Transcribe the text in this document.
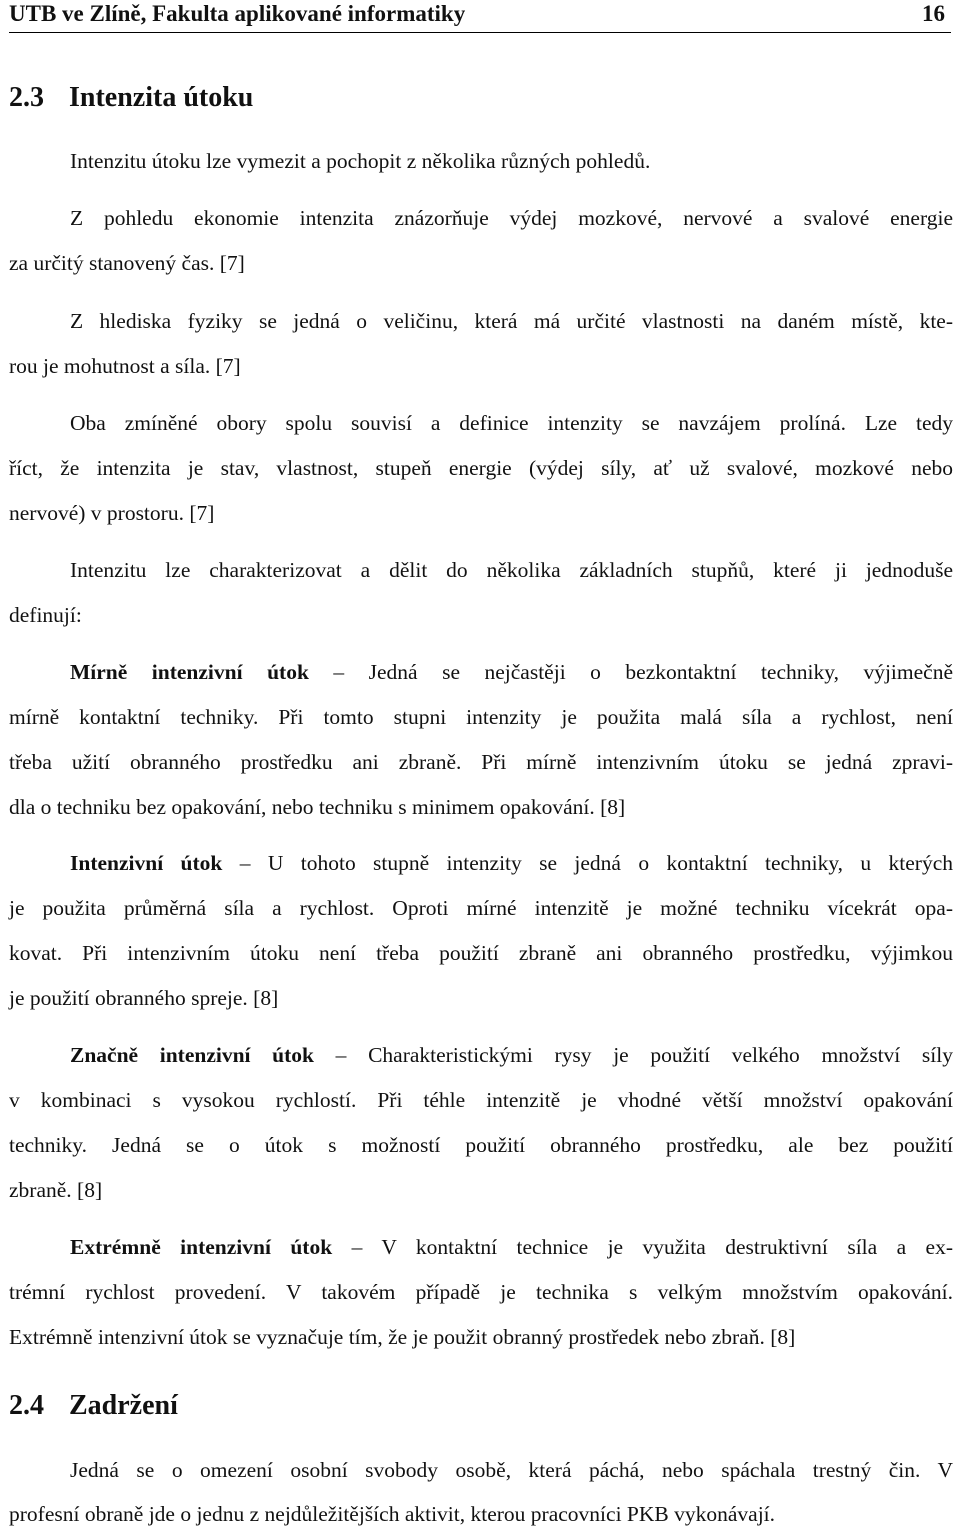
UTB ve Zlíně, Fakulta aplikované informatiky	16
2.3 Intenzita útoku
Intenzitu útoku lze vymezit a pochopit z několika různých pohledů.
Z pohledu ekonomie intenzita znázorňuje výdej mozkové, nervové a svalové energie
za určitý stanovený čas. [7]
Z hlediska fyziky se jedná o veličinu, která má určité vlastnosti na daném místě, kte-
rou je mohutnost a síla. [7]
Oba zmíněné obory spolu souvisí a definice intenzity se navzájem prolíná. Lze tedy
říct, že intenzita je stav, vlastnost, stupeň energie (výdej síly, ať už svalové, mozkové nebo
nervové) v prostoru. [7]
Intenzitu lze charakterizovat a dělit do několika základních stupňů, které ji jednoduše
definují:
Mírně intenzivní útok – Jedná se nejčastěji o bezkontaktní techniky, výjimečně
mírně kontaktní techniky. Při tomto stupni intenzity je použita malá síla a rychlost, není
třeba užití obranného prostředku ani zbraně. Při mírně intenzivním útoku se jedná zpravi-
dla o techniku bez opakování, nebo techniku s minimem opakování. [8]
Intenzivní útok – U tohoto stupně intenzity se jedná o kontaktní techniky, u kterých
je použita průměrná síla a rychlost. Oproti mírné intenzitě je možné techniku vícekrát opa-
kovat. Při intenzivním útoku není třeba použití zbraně ani obranného prostředku, výjimkou
je použití obranného spreje. [8]
Značně intenzivní útok – Charakteristickými rysy je použití velkého množství síly
v kombinaci s vysokou rychlostí. Při téhle intenzitě je vhodné větší množství opakování
techniky. Jedná se o útok s možností použití obranného prostředku, ale bez použití
zbraně. [8]
Extrémně intenzivní útok – V kontaktní technice je využita destruktivní síla a ex-
trémní rychlost provedení. V takovém případě je technika s velkým množstvím opakování.
Extrémně intenzivní útok se vyznačuje tím, že je použit obranný prostředek nebo zbraň. [8]
2.4 Zadržení
Jedná se o omezení osobní svobody osobě, která páchá, nebo spáchala trestný čin. V
profesní obraně jde o jednu z nejdůležitějších aktivit, kterou pracovníci PKB vykonávají.
